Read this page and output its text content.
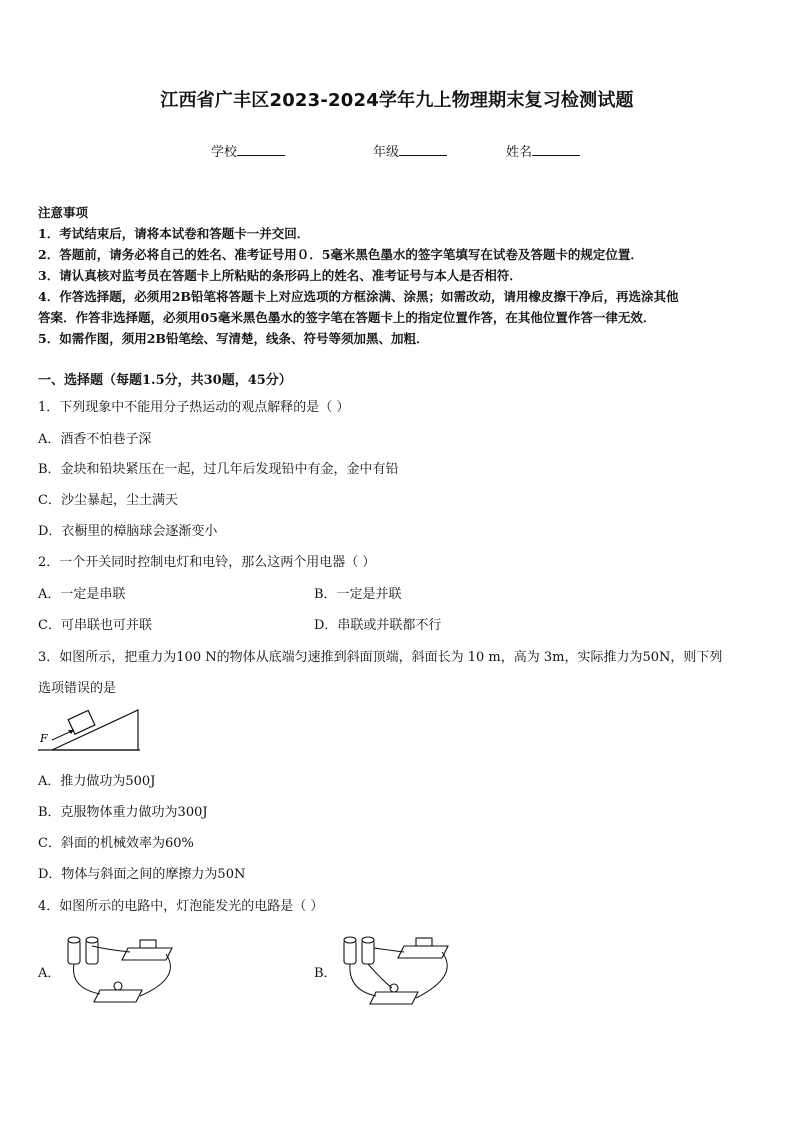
江西省广丰区2023-2024学年九上物理期末复习检测试题
学校	年级	姓名
注意事项
1．考试结束后，请将本试卷和答题卡一并交回．
2．答题前，请务必将自己的姓名、准考证号用０．5毫米黑色墨水的签字笔填写在试卷及答题卡的规定位置．
3．请认真核对监考员在答题卡上所粘贴的条形码上的姓名、准考证号与本人是否相符．
4．作答选择题，必须用2B铅笔将答题卡上对应选项的方框涂满、涂黑；如需改动，请用橡皮擦干净后，再选涂其他
答案．作答非选择题，必须用05毫米黑色墨水的签字笔在答题卡上的指定位置作答，在其他位置作答一律无效．
5．如需作图，须用2B铅笔绘、写清楚，线条、符号等须加黑、加粗．
一、选择题（每题1.5分，共30题，45分）
1．下列现象中不能用分子热运动的观点解释的是（ ）
A．酒香不怕巷子深
B．金块和铅块紧压在一起，过几年后发现铅中有金，金中有铅
C．沙尘暴起，尘土满天
D．衣橱里的樟脑球会逐渐变小
2．一个开关同时控制电灯和电铃，那么这两个用电器（ ）
A．一定是串联	B．一定是并联
C．可串联也可并联	D．串联或并联都不行
3．如图所示，把重力为100 N的物体从底端匀速推到斜面顶端，斜面长为 10 m，高为 3m，实际推力为50N，则下列
选项错误的是
F
A．推力做功为500J
B．克服物体重力做功为300J
C．斜面的机械效率为60%
D．物体与斜面之间的摩擦力为50N
4．如图所示的电路中，灯泡能发光的电路是（ ）
A．	B．
